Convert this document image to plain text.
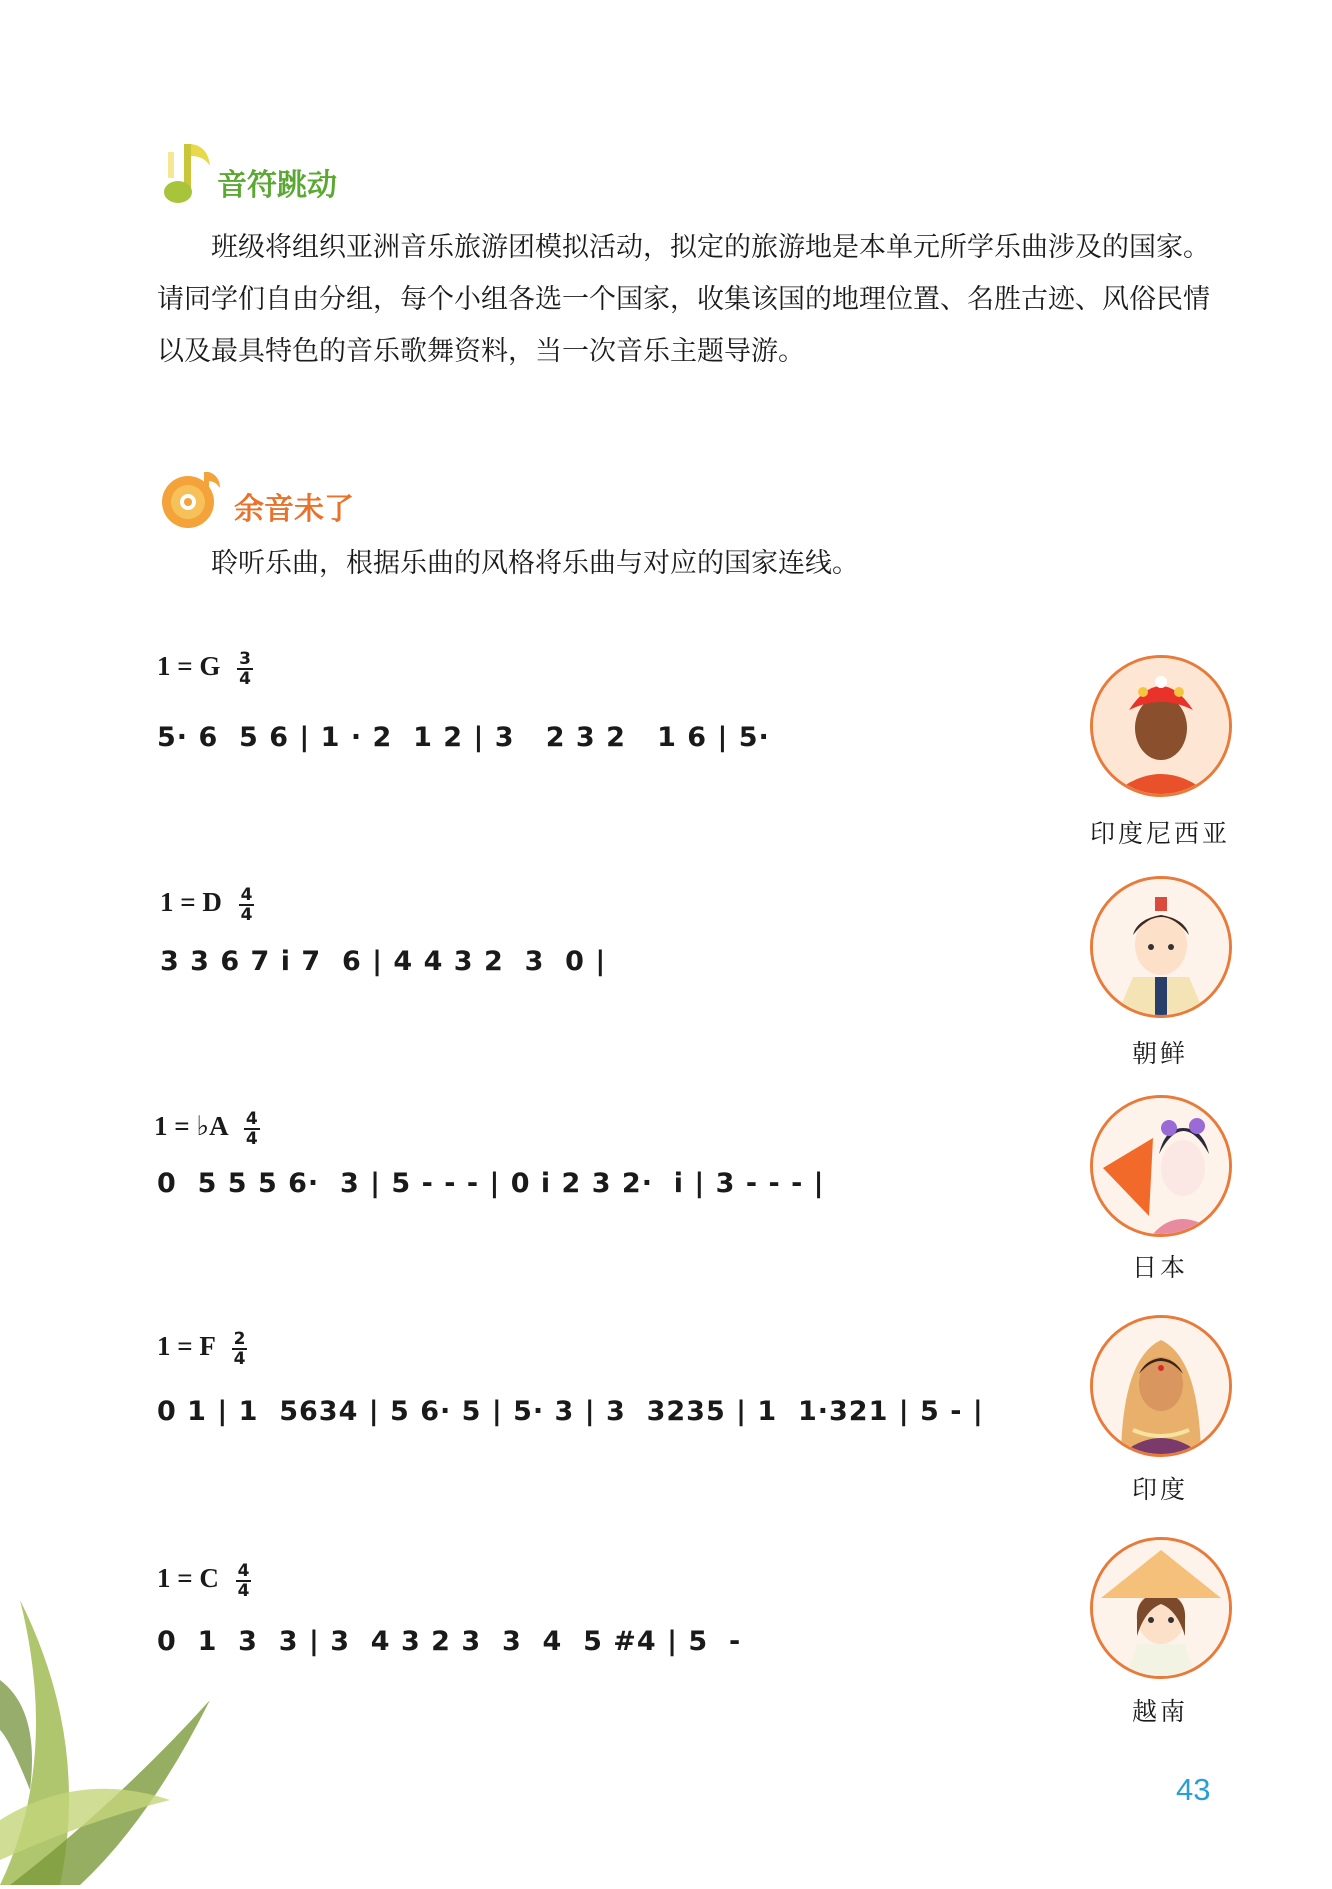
音符跳动
班级将组织亚洲音乐旅游团模拟活动，拟定的旅游地是本单元所学乐曲涉及的国家。请同学们自由分组，每个小组各选一个国家，收集该国的地理位置、名胜古迹、风俗民情以及最具特色的音乐歌舞资料，当一次音乐主题导游。
余音未了
聆听乐曲，根据乐曲的风格将乐曲与对应的国家连线。
1 = G $\frac{3}{4}$
5· 6  5 6 | 1 · 2  1 2 | 3   2 3 2   1 6 | 5·
1 = D $\frac{4}{4}$
3 3 6 7 i 7  6 | 4 4 3 2  3  0 |
1 = ♭A $\frac{4}{4}$
0  5 5 5 6·  3 | 5 - - - | 0 i 2 3 2·  i | 3 - - - |
1 = F $\frac{2}{4}$
0 1 | 1  5634 | 5 6· 5 | 5· 3 | 3  3235 | 1  1·321 | 5 - |
1 = C $\frac{4}{4}$
0  1  3  3 | 3  4 3 2 3  3  4  5 #4 | 5  -
印度尼西亚
朝鲜
日本
印度
越南
43
